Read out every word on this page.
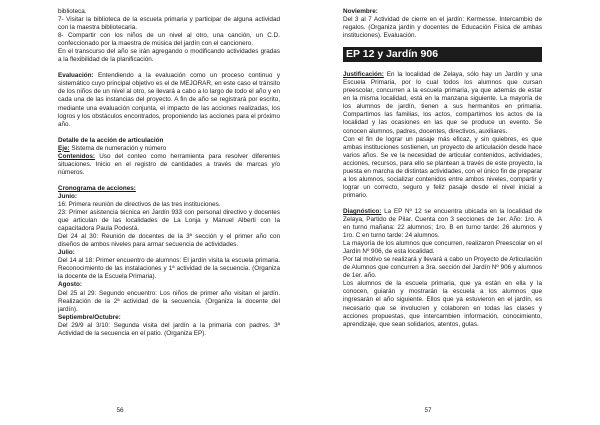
biblioteca.

7- Visitar la biblioteca de la escuela primaria y participar de alguna actividad con la maestra bibliotecaria.

8- Compartir con los niños de un nivel al otro, una canción, un C.D. confeccionado por la maestra de música del jardín con el cancionero.

En el transcurso del año se irán agregando o modificando actividades gradas a la flexibilidad de la planificación.

Evaluación: Entendiendo a la evaluación como un proceso continuo y sistemático cuyo principal objetivo es el de MEJORAR, en este caso el tránsito de los niños de un nivel al otro, se llevará a cabo a lo largo de todo el año y en cada una de las instancias del proyecto. A fin de año se registrará por escrito, mediante una evaluación conjunta, el impacto de las acciones realizadas, los logros y los obstáculos encontrados, proponiendo las acciones para el próximo año.

Detalle de la acción de articulación

Eje: Sistema de numeración y número

Contenidos: Uso del conteo como herramienta para resolver diferentes situaciones. Inicio en el registro de cantidades a través de marcas y/o números.

Cronograma de acciones:

Junio:

16: Primera reunión de directivos de las tres instituciones.

23: Primer asistencia técnica en Jardín 933 con personal directivo y docentes que articulan de las localidades de La Lonja y Manuel Alberti con la capacitadora Paula Podestá.

Del 24 al 30: Reunión de docentes de la 3ª sección y el primer año con diseños de ambos niveles para armar secuencia de actividades.

Julio:

Del 14 al 18: Primer encuentro de alumnos: El jardín visita la escuela primaria. Reconocimiento de las instalaciones y 1ª actividad de la secuencia. (Organiza la docente de la Escuela Primaria).

Agosto:

Del 25 al 29: Segundo encuentro: Los niños de primer año visitan el jardín. Realización de la 2ª actividad de la secuencia. (Organiza la docente del jardín).

Septiembre/Octubre:

Del 29/9 al 3/10: Segunda visita del jardín a la primaria con padres. 3ª Actividad de la secuencia en el patio. (Organiza EP).

56

Noviembre:

Del 3 al 7 Actividad de cierre en el jardín: Kermesse. Intercambio de regalos. (Organiza jardín y docentes de Educación Física de ambas instituciones). Evaluación.

EP 12 y Jardín 906

Justificación: En la localidad de Zelaya, sólo hay un Jardín y una Escuela Primaria, por lo cual todos los alumnos que cursan preescolar, concurren a la escuela primaria, ya que además de estar en la misma localidad, está en la manzana siguiente. La mayoría de los alumnos de jardín, tienen a sus hermanitos en primaria. Compartimos las familias, los actos, compartimos los actos de la localidad y las ocasiones en las que se produce un evento. Se conocen alumnos, padres, docentes, directivos, auxiliares.

Con el fin de lograr un pasaje más eficaz, y sin quiebres, es que ambas instituciones sostienen, un proyecto de articulación desde hace varios años. Se ve la necesidad de articular contenidos, actividades, acciones, recursos, para ello se plantean a través de este proyecto, la puesta en marcha de distintas actividades, con el único fin de preparar a los alumnos, socializar contenidos entre ambos niveles, compartir y lograr un correcto, seguro y feliz pasaje desde el nivel inicial a primario.

Diagnóstico: La EP Nº 12 se encuentra ubicada en la localidad de Zelaya, Partido de Pilar. Cuenta con 3 secciones de 1er. Año: 1ro. A en turno mañana: 22 alumnos; 1ro. B en turno tarde: 26 alumnos y 1ro. C en turno tarde: 24 alumnos.

La mayoría de los alumnos que concurren, realizaron Preescolar en el Jardín Nº 906, de esta localidad.

Por tal motivo se realizará y llevará a cabo un Proyecto de Articulación de Alumnos que concurren a 3ra. sección del Jardín Nº 906 y alumnos de 1er. año.

Los alumnos de la escuela primaria, que ya están en ella y la conocen, guiarán y mostrarán la escuela a los alumnos que ingresarán el año siguiente. Ellos que ya estuvieron en el jardín, es necesario que se involucren y colaboren en todas las clases y acciones propuestas, que intercambien información, conocimiento, aprendizaje, que sean solidarios, atentos, gulas.

57
